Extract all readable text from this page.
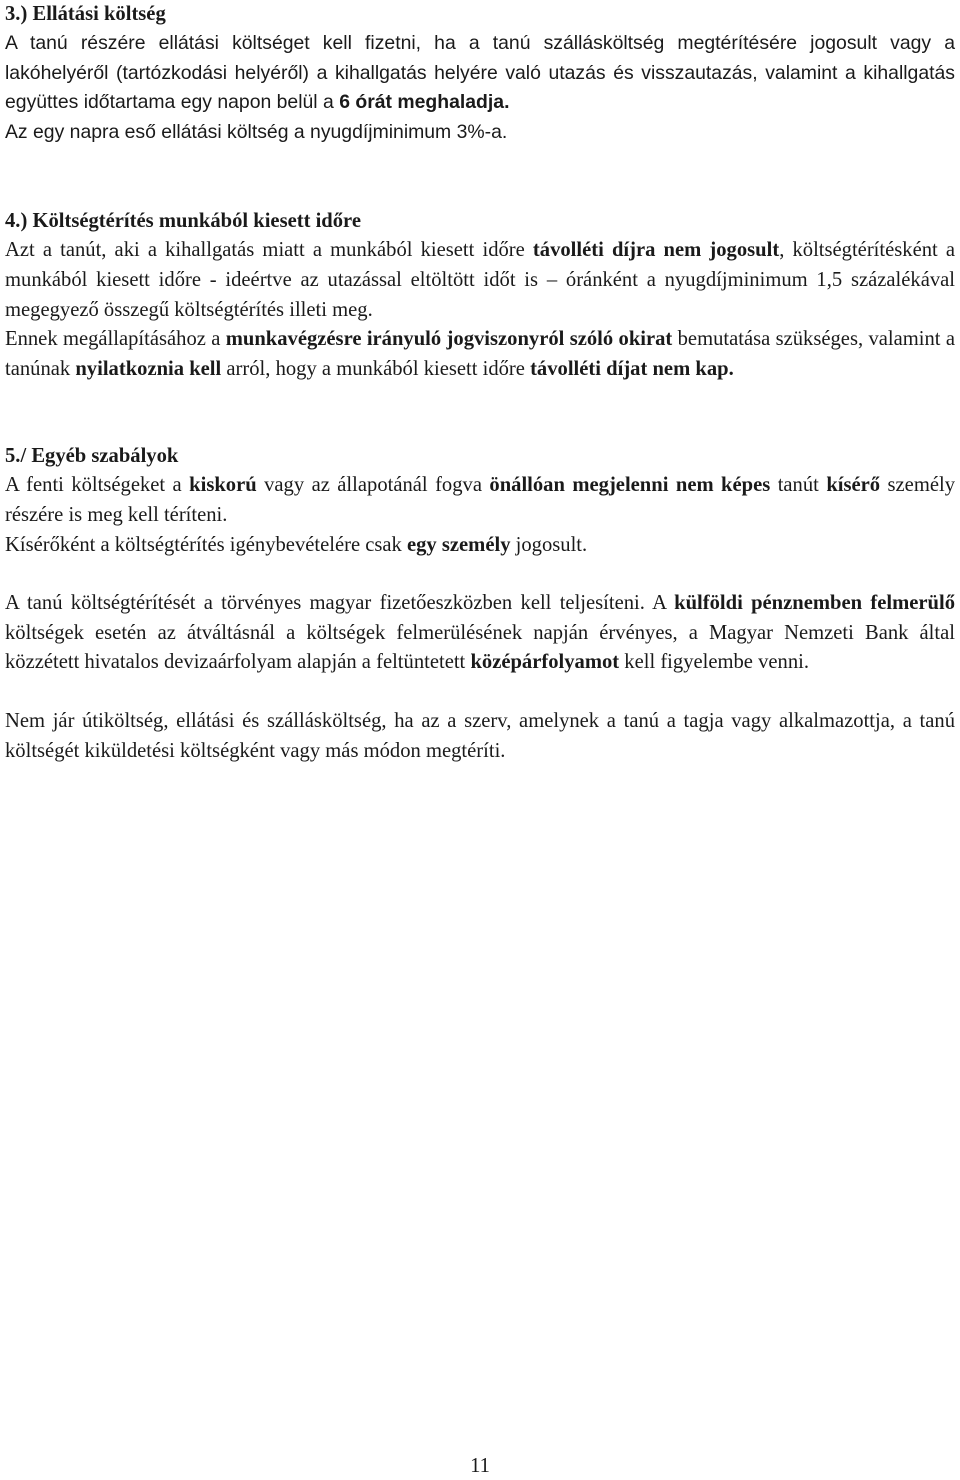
3.) Ellátási költség

A tanú részére ellátási költséget kell fizetni, ha a tanú szállásköltség megtérítésére jogosult vagy a lakóhelyéről (tartózkodási helyéről) a kihallgatás helyére való utazás és visszautazás, valamint a kihallgatás együttes időtartama egy napon belül a 6 órát meghaladja.

Az egy napra eső ellátási költség a nyugdíjminimum 3%-a.

4.) Költségtérítés munkából kiesett időre

Azt a tanút, aki a kihallgatás miatt a munkából kiesett időre távolléti díjra nem jogosult, költségtérítésként a munkából kiesett időre - ideértve az utazással eltöltött időt is – óránként a nyugdíjminimum 1,5 százalékával megegyező összegű költségtérítés illeti meg.

Ennek megállapításához a munkavégzésre irányuló jogviszonyról szóló okirat bemutatása szükséges, valamint a tanúnak nyilatkoznia kell arról, hogy a munkából kiesett időre távolléti díjat nem kap.

5./ Egyéb szabályok

A fenti költségeket a kiskorú vagy az állapotánál fogva önállóan megjelenni nem képes tanút kísérő személy részére is meg kell téríteni.

Kísérőként a költségtérítés igénybevételére csak egy személy jogosult.

A tanú költségtérítését a törvényes magyar fizetőeszközben kell teljesíteni. A külföldi pénznemben felmerülő költségek esetén az átváltásnál a költségek felmerülésének napján érvényes, a Magyar Nemzeti Bank által közzétett hivatalos devizaárfolyam alapján a feltüntetett középárfolyamot kell figyelembe venni.

Nem jár útiköltség, ellátási és szállásköltség, ha az a szerv, amelynek a tanú a tagja vagy alkalmazottja, a tanú költségét kiküldetési költségként vagy más módon megtéríti.

11
